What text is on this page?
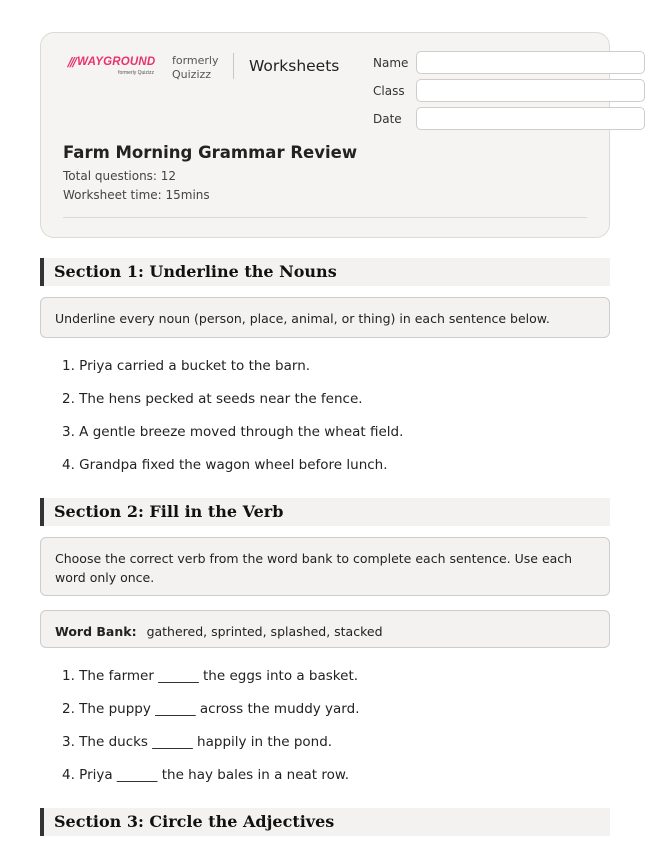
/// WAYGROUND
formerly Quizizz
formerly
Quizizz	Worksheets	Name
Class
Date
Farm Morning Grammar Review
Total questions: 12
Worksheet time: 15mins
Section 1: Underline the Nouns
Underline every noun (person, place, animal, or thing) in each sentence below.
1. Priya carried a bucket to the barn.
2. The hens pecked at seeds near the fence.
3. A gentle breeze moved through the wheat field.
4. Grandpa fixed the wagon wheel before lunch.
Section 2: Fill in the Verb
Choose the correct verb from the word bank to complete each sentence. Use each word only once.
Word Bank: gathered, sprinted, splashed, stacked
1. The farmer ______ the eggs into a basket.
2. The puppy ______ across the muddy yard.
3. The ducks ______ happily in the pond.
4. Priya ______ the hay bales in a neat row.
Section 3: Circle the Adjectives
